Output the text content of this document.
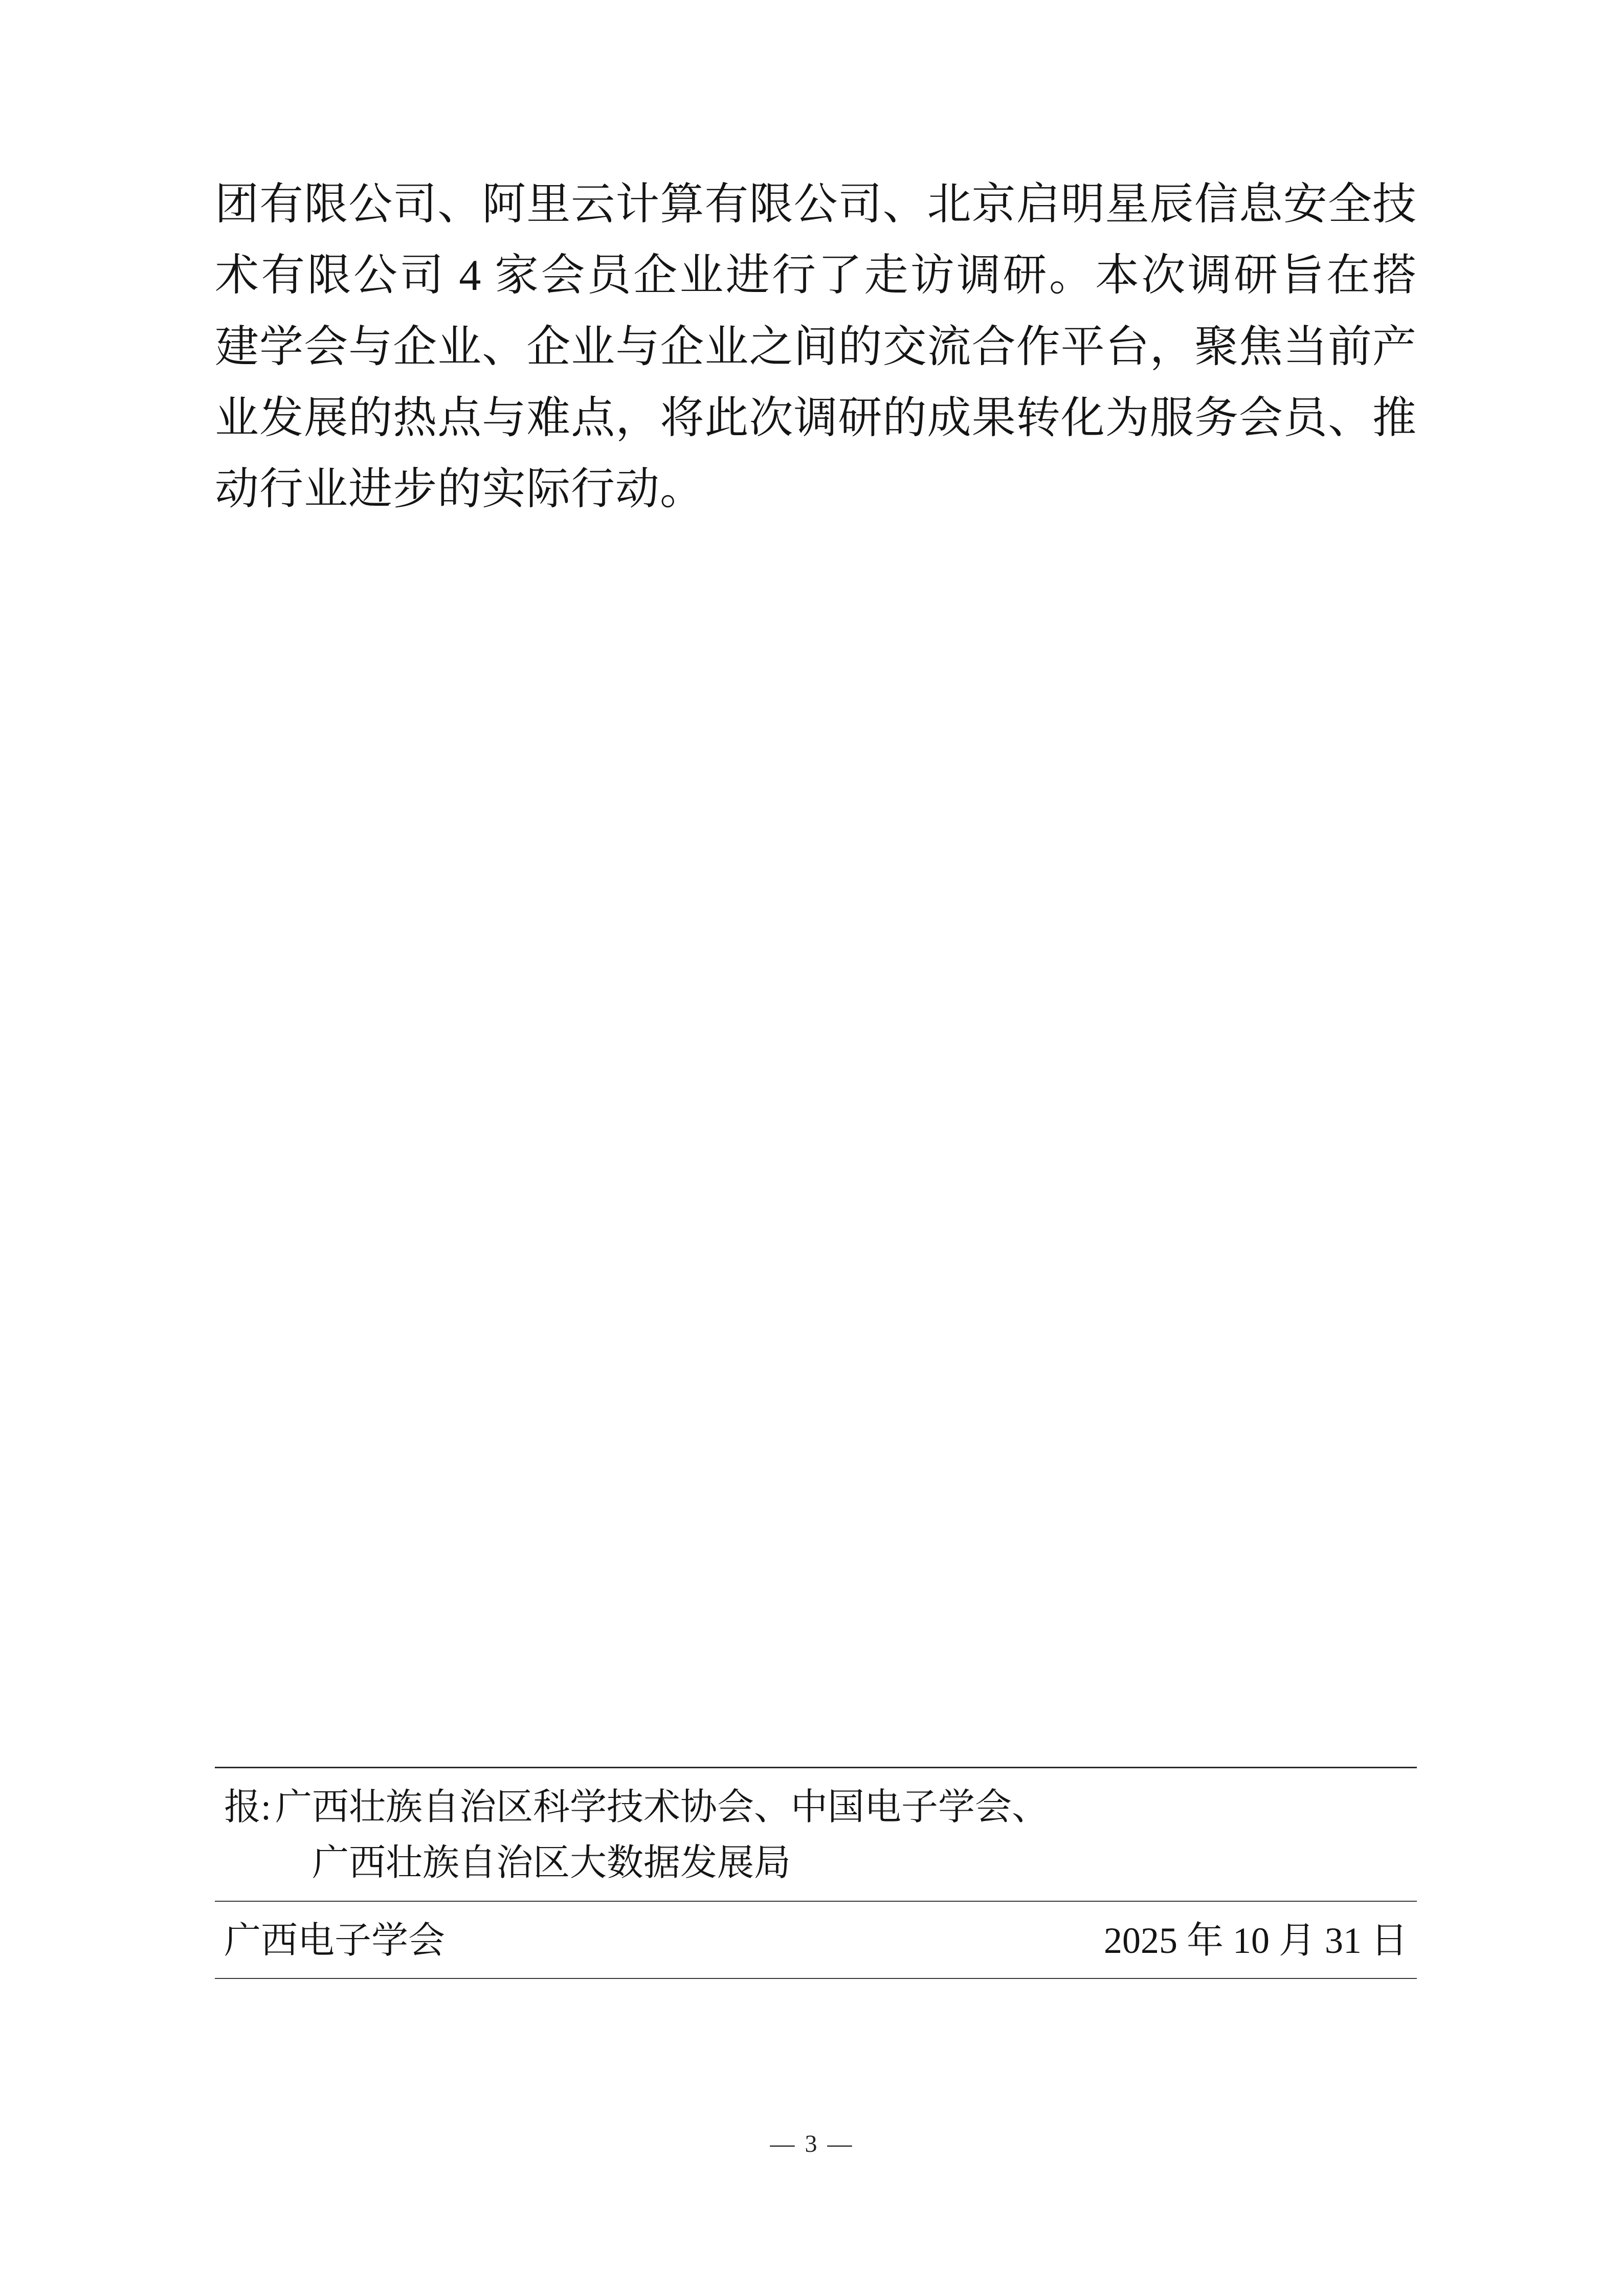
团有限公司、阿里云计算有限公司、北京启明星辰信息安全技术有限公司 4 家会员企业进行了走访调研。本次调研旨在搭建学会与企业、企业与企业之间的交流合作平台，聚焦当前产业发展的热点与难点，将此次调研的成果转化为服务会员、推动行业进步的实际行动。

报: 广西壮族自治区科学技术协会、中国电子学会、
广西壮族自治区大数据发展局
广西电子学会	2025 年 10 月 31 日
— 3 —
